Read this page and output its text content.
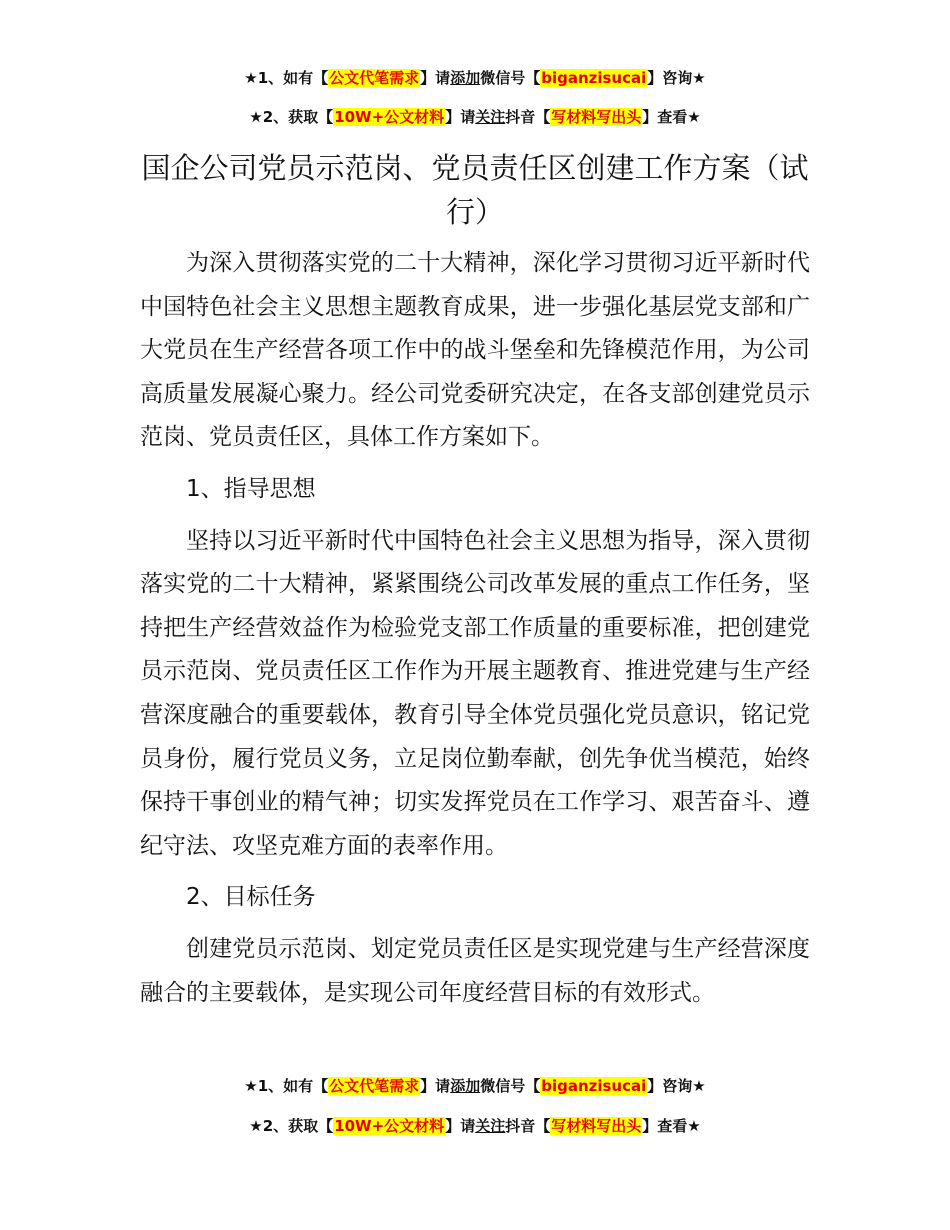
★1、如有【公文代笔需求】请添加微信号【biganzisucai】咨询★
★2、获取【10W+公文材料】请关注抖音【写材料写出头】查看★
国企公司党员示范岗、党员责任区创建工作方案（试行）

为深入贯彻落实党的二十大精神，深化学习贯彻习近平新时代中国特色社会主义思想主题教育成果，进一步强化基层党支部和广大党员在生产经营各项工作中的战斗堡垒和先锋模范作用，为公司高质量发展凝心聚力。经公司党委研究决定，在各支部创建党员示范岗、党员责任区，具体工作方案如下。

1、指导思想

坚持以习近平新时代中国特色社会主义思想为指导，深入贯彻落实党的二十大精神，紧紧围绕公司改革发展的重点工作任务，坚持把生产经营效益作为检验党支部工作质量的重要标准，把创建党员示范岗、党员责任区工作作为开展主题教育、推进党建与生产经营深度融合的重要载体，教育引导全体党员强化党员意识，铭记党员身份，履行党员义务，立足岗位勤奉献，创先争优当模范，始终保持干事创业的精气神；切实发挥党员在工作学习、艰苦奋斗、遵纪守法、攻坚克难方面的表率作用。

2、目标任务

创建党员示范岗、划定党员责任区是实现党建与生产经营深度融合的主要载体，是实现公司年度经营目标的有效形式。

★1、如有【公文代笔需求】请添加微信号【biganzisucai】咨询★
★2、获取【10W+公文材料】请关注抖音【写材料写出头】查看★
